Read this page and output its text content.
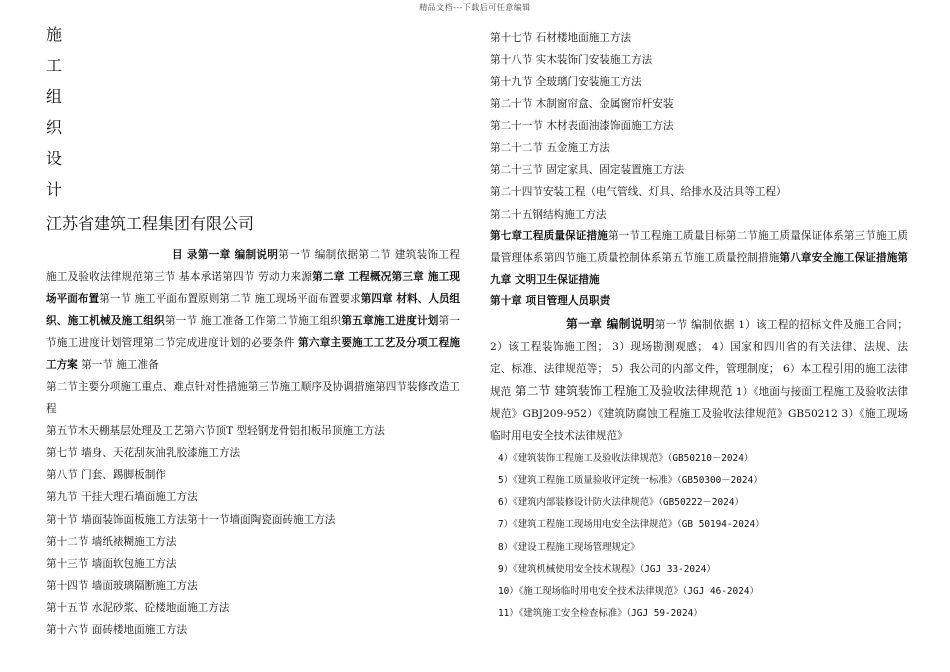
精品文档---下载后可任意编辑
施
工
组
织
设
计
江苏省建筑工程集团有限公司
目 录第一章 编制说明第一节 编制依据第二节 建筑装饰工程施工及验收法律规范第三节 基本承诺第四节 劳动力来源第二章 工程概况第三章 施工现场平面布置第一节 施工平面布置原则第二节 施工现场平面布置要求第四章 材料、人员组织、施工机械及施工组织第一节 施工准备工作第二节施工组织第五章施工进度计划第一节施工进度计划管理第二节完成进度计划的必要条件 第六章主要施工工艺及分项工程施工方案 第一节 施工准备
第二节主要分项施工重点、难点针对性措施第三节施工顺序及协调措施第四节装修改造工程
第五节木天棚基层处理及工艺第六节顶T 型轻钢龙骨铝扣板吊顶施工方法
第七节 墙身、天花刮灰油乳胶漆施工方法
第八节 门套、踢脚板制作
第九节 干挂大理石墙面施工方法
第十节 墙面装饰面板施工方法第十一节墙面陶瓷面砖施工方法
第十二节 墙纸裱糊施工方法
第十三节 墙面软包施工方法
第十四节 墙面玻璃隔断施工方法
第十五节 水泥砂浆、砼楼地面施工方法
第十六节 面砖楼地面施工方法
第十七节 石材楼地面施工方法
第十八节 实木装饰门安装施工方法
第十九节 全玻璃门安装施工方法
第二十节 木制窗帘盒、金属窗帘杆安装
第二十一节 木材表面油漆饰面施工方法
第二十二节 五金施工方法
第二十三节 固定家具、固定装置施工方法
第二十四节安装工程（电气管线、灯具、给排水及沽具等工程）
第二十五钢结构施工方法
第七章工程质量保证措施第一节工程施工质量目标第二节施工质量保证体系第三节施工质量管理体系第四节施工质量控制体系第五节施工质量控制措施第八章安全施工保证措施第九章 文明卫生保证措施
第十章 项目管理人员职责
第一章 编制说明第一节 编制依据 1）该工程的招标文件及施工合同； 2）该工程装饰施工图； 3）现场勘测观感； 4）国家和四川省的有关法律、法规、法定、标准、法律规范等； 5）我公司的内部文件，管理制度； 6）本工程引用的施工法律规范 第二节 建筑装饰工程施工及验收法律规范 1）《地面与接面工程施工及验收法律规范》GBJ209-952）《建筑防腐蚀工程施工及验收法律规范》GB50212 3）《施工现场临时用电安全技术法律规范》
4）《建筑装饰工程施工及验收法律规范》（GB50210－2024）
5）《建筑工程施工质量验收评定统一标准》（GB50300－2024）
6）《建筑内部装修设计防火法律规范》（GB50222－2024）
7）《建筑工程施工现场用电安全法律规范》（GB 50194-2024）
8）《建设工程施工现场管理规定》
9）《建筑机械使用安全技术规程》（JGJ 33-2024）
10）《施工现场临时用电安全技术法律规范》（JGJ 46-2024）
11）《建筑施工安全检查标准》（JGJ 59-2024）
